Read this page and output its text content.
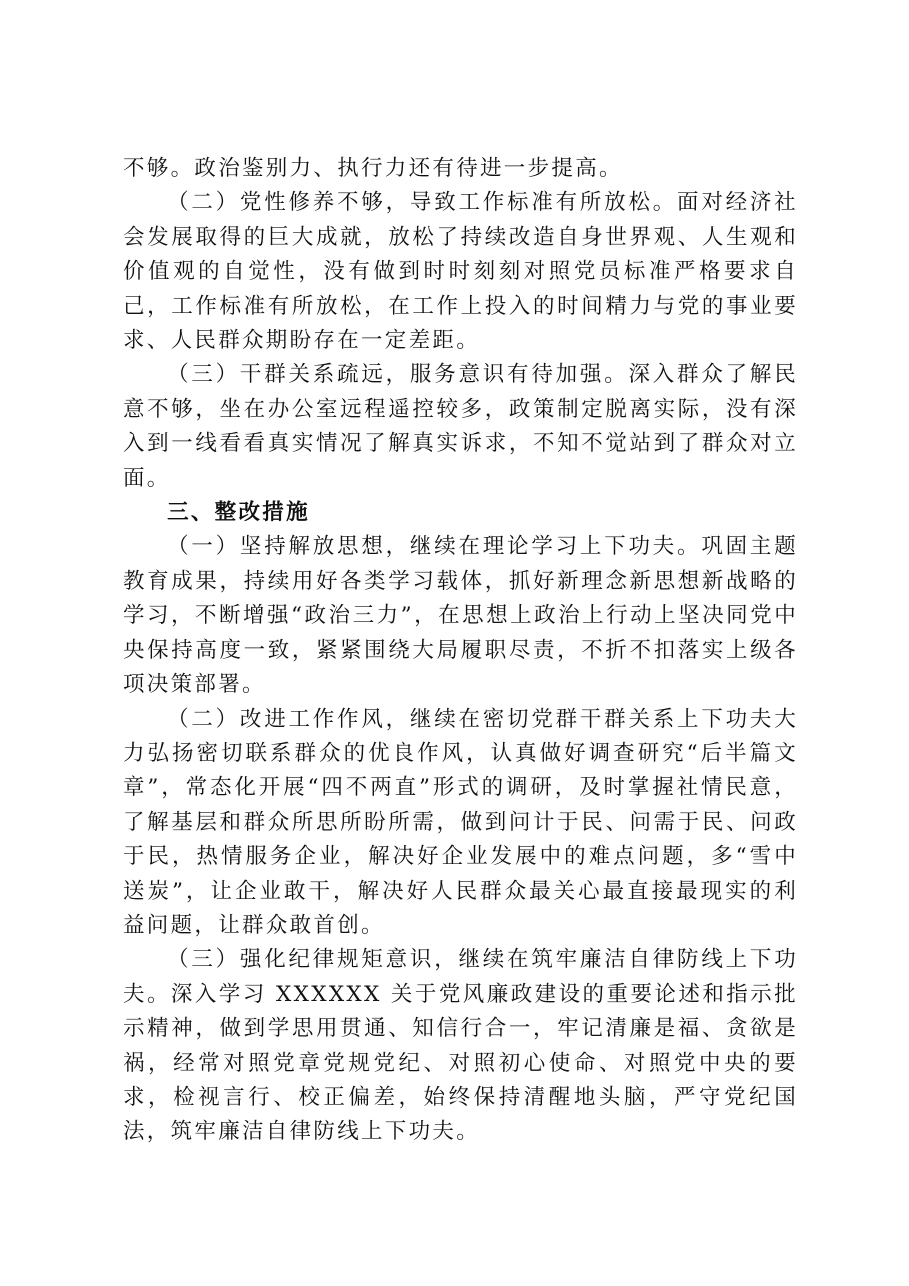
不够。政治鉴别力、执行力还有待进一步提高。

（二）党性修养不够，导致工作标准有所放松。面对经济社会发展取得的巨大成就，放松了持续改造自身世界观、人生观和价值观的自觉性，没有做到时时刻刻对照党员标准严格要求自己，工作标准有所放松，在工作上投入的时间精力与党的事业要求、人民群众期盼存在一定差距。

（三）干群关系疏远，服务意识有待加强。深入群众了解民意不够，坐在办公室远程遥控较多，政策制定脱离实际，没有深入到一线看看真实情况了解真实诉求，不知不觉站到了群众对立面。

三、整改措施

（一）坚持解放思想，继续在理论学习上下功夫。巩固主题教育成果，持续用好各类学习载体，抓好新理念新思想新战略的学习，不断增强“政治三力”，在思想上政治上行动上坚决同党中央保持高度一致，紧紧围绕大局履职尽责，不折不扣落实上级各项决策部署。

（二）改进工作作风，继续在密切党群干群关系上下功夫大力弘扬密切联系群众的优良作风，认真做好调查研究“后半篇文章”，常态化开展“四不两直”形式的调研，及时掌握社情民意，了解基层和群众所思所盼所需，做到问计于民、问需于民、问政于民，热情服务企业，解决好企业发展中的难点问题，多“雪中送炭”，让企业敢干，解决好人民群众最关心最直接最现实的利益问题，让群众敢首创。

（三）强化纪律规矩意识，继续在筑牢廉洁自律防线上下功夫。深入学习 XXXXXX 关于党风廉政建设的重要论述和指示批示精神，做到学思用贯通、知信行合一，牢记清廉是福、贪欲是祸，经常对照党章党规党纪、对照初心使命、对照党中央的要求，检视言行、校正偏差，始终保持清醒地头脑，严守党纪国法，筑牢廉洁自律防线上下功夫。
